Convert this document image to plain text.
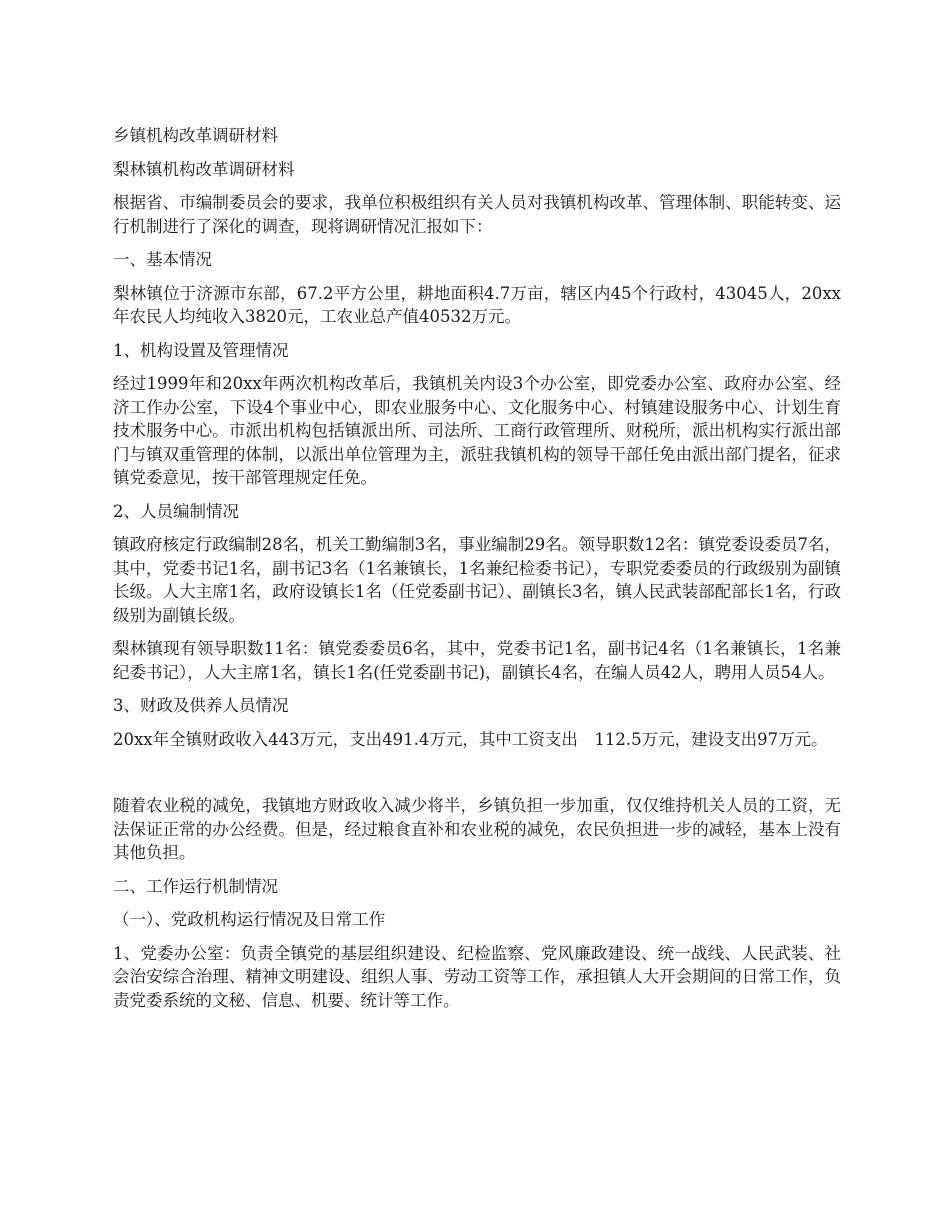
乡镇机构改革调研材料

梨林镇机构改革调研材料

根据省、市编制委员会的要求，我单位积极组织有关人员对我镇机构改革、管理体制、职能转变、运行机制进行了深化的调查，现将调研情况汇报如下：

一、基本情况

梨林镇位于济源市东部，67.2平方公里，耕地面积4.7万亩，辖区内45个行政村，43045人，20xx年农民人均纯收入3820元，工农业总产值40532万元。

1、机构设置及管理情况

经过1999年和20xx年两次机构改革后，我镇机关内设3个办公室，即党委办公室、政府办公室、经济工作办公室，下设4个事业中心，即农业服务中心、文化服务中心、村镇建设服务中心、计划生育技术服务中心。市派出机构包括镇派出所、司法所、工商行政管理所、财税所，派出机构实行派出部门与镇双重管理的体制，以派出单位管理为主，派驻我镇机构的领导干部任免由派出部门提名，征求镇党委意见，按干部管理规定任免。

2、人员编制情况

镇政府核定行政编制28名，机关工勤编制3名，事业编制29名。领导职数12名：镇党委设委员7名，其中，党委书记1名，副书记3名（1名兼镇长，1名兼纪检委书记），专职党委委员的行政级别为副镇长级。人大主席1名，政府设镇长1名（任党委副书记）、副镇长3名，镇人民武装部配部长1名，行政级别为副镇长级。

梨林镇现有领导职数11名：镇党委委员6名，其中，党委书记1名，副书记4名（1名兼镇长，1名兼纪委书记），人大主席1名，镇长1名(任党委副书记)，副镇长4名，在编人员42人，聘用人员54人。

3、财政及供养人员情况

20xx年全镇财政收入443万元，支出491.4万元，其中工资支出　112.5万元，建设支出97万元。

随着农业税的减免，我镇地方财政收入减少将半，乡镇负担一步加重，仅仅维持机关人员的工资，无法保证正常的办公经费。但是，经过粮食直补和农业税的减免，农民负担进一步的减轻，基本上没有其他负担。

二、工作运行机制情况

（一）、党政机构运行情况及日常工作

1、党委办公室：负责全镇党的基层组织建设、纪检监察、党风廉政建设、统一战线、人民武装、社会治安综合治理、精神文明建设、组织人事、劳动工资等工作，承担镇人大开会期间的日常工作，负责党委系统的文秘、信息、机要、统计等工作。
